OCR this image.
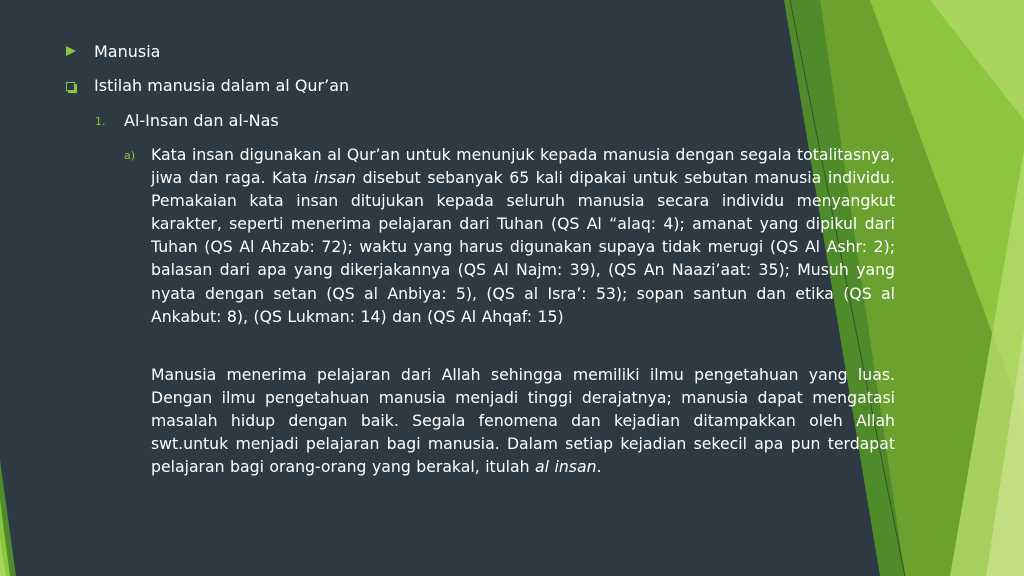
Manusia
Istilah manusia dalam al Qur’an
1. Al-Insan dan al-Nas
a) Kata insan digunakan al Qur’an untuk menunjuk kepada manusia dengan segala totalitasnya, jiwa dan raga. Kata insan disebut sebanyak 65 kali dipakai untuk sebutan manusia individu. Pemakaian kata insan ditujukan kepada seluruh manusia secara individu menyangkut karakter, seperti menerima pelajaran dari Tuhan (QS Al “alaq: 4); amanat yang dipikul dari Tuhan (QS Al Ahzab: 72); waktu yang harus digunakan supaya tidak merugi (QS Al Ashr: 2); balasan dari apa yang dikerjakannya (QS Al Najm: 39), (QS An Naazi’aat: 35); Musuh yang nyata dengan setan (QS al Anbiya: 5), (QS al Isra’: 53); sopan santun dan etika (QS al Ankabut: 8), (QS Lukman: 14) dan (QS Al Ahqaf: 15)
Manusia menerima pelajaran dari Allah sehingga memiliki ilmu pengetahuan yang luas. Dengan ilmu pengetahuan manusia menjadi tinggi derajatnya; manusia dapat mengatasi masalah hidup dengan baik. Segala fenomena dan kejadian ditampakkan oleh Allah swt.untuk menjadi pelajaran bagi manusia. Dalam setiap kejadian sekecil apa pun terdapat pelajaran bagi orang-orang yang berakal, itulah al insan.
